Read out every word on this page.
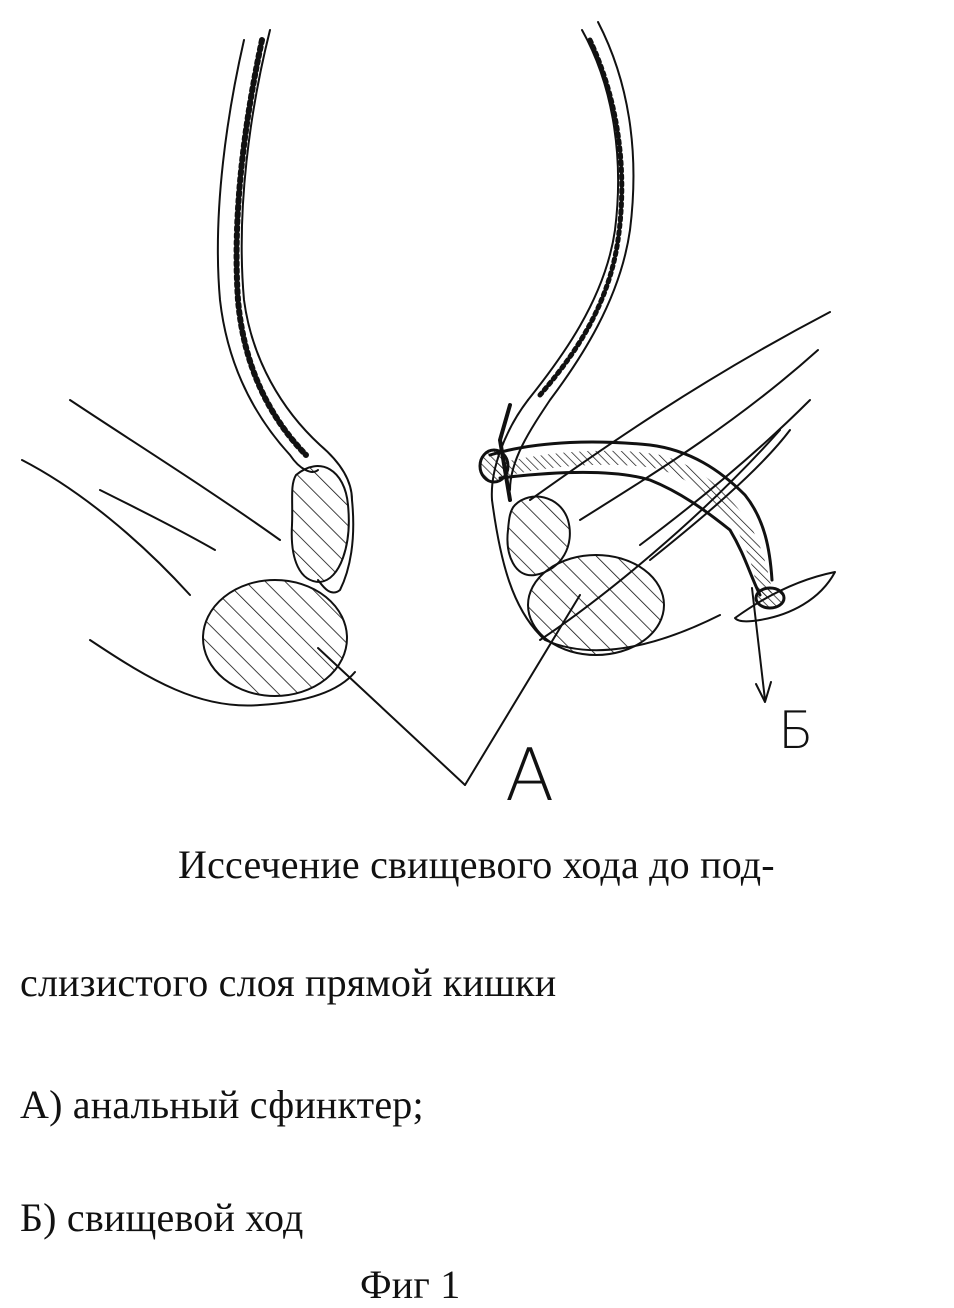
А
Б
Иссечение свищевого хода до под-
слизистого слоя прямой кишки
А) анальный сфинктер;
Б) свищевой ход
Фиг 1
